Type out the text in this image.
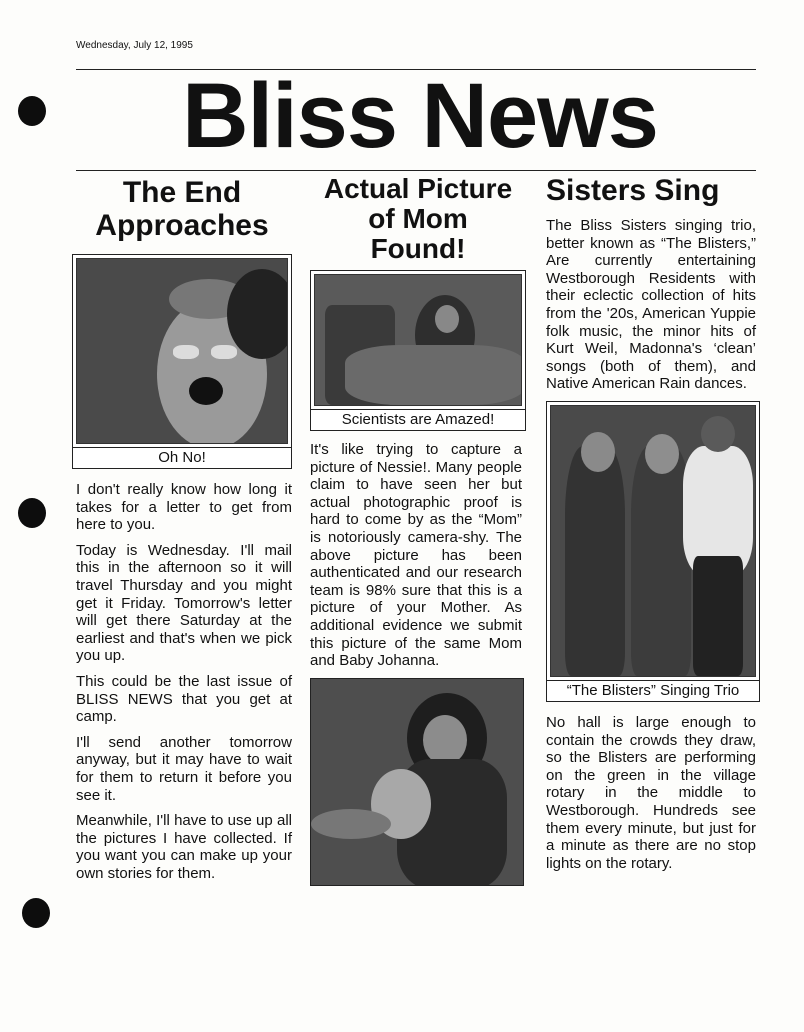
Wednesday, July 12, 1995
Bliss News
The End
Approaches
Oh No!

I don't really know how long it takes for a letter to get from here to you.

Today is Wednesday. I'll mail this in the afternoon so it will travel Thursday and you might get it Friday. Tomorrow's letter will get there Saturday at the earliest and that's when we pick you up.

This could be the last issue of BLISS NEWS that you get at camp.

I'll send another tomorrow anyway, but it may have to wait for them to return it before you see it.

Meanwhile, I'll have to use up all the pictures I have collected. If you want you can make up your own stories for them.

Actual Picture
of Mom
Found!
Scientists are Amazed!

It's like trying to capture a picture of Nessie!. Many people claim to have seen her but actual photographic proof is hard to come by as the “Mom” is notoriously camera-shy. The above picture has been authenticated and our research team is 98% sure that this is a picture of your Mother. As additional evidence we submit this picture of the same Mom and Baby Johanna.

Sisters Sing

The Bliss Sisters singing trio, better known as “The Blisters,” Are currently entertaining Westborough Residents with their eclectic collection of hits from the '20s, American Yuppie folk music, the minor hits of Kurt Weil, Madonna's ‘clean’ songs (both of them), and Native American Rain dances.

“The Blisters” Singing Trio

No hall is large enough to contain the crowds they draw, so the Blisters are performing on the green in the village rotary in the middle to Westborough. Hundreds see them every minute, but just for a minute as there are no stop lights on the rotary.
